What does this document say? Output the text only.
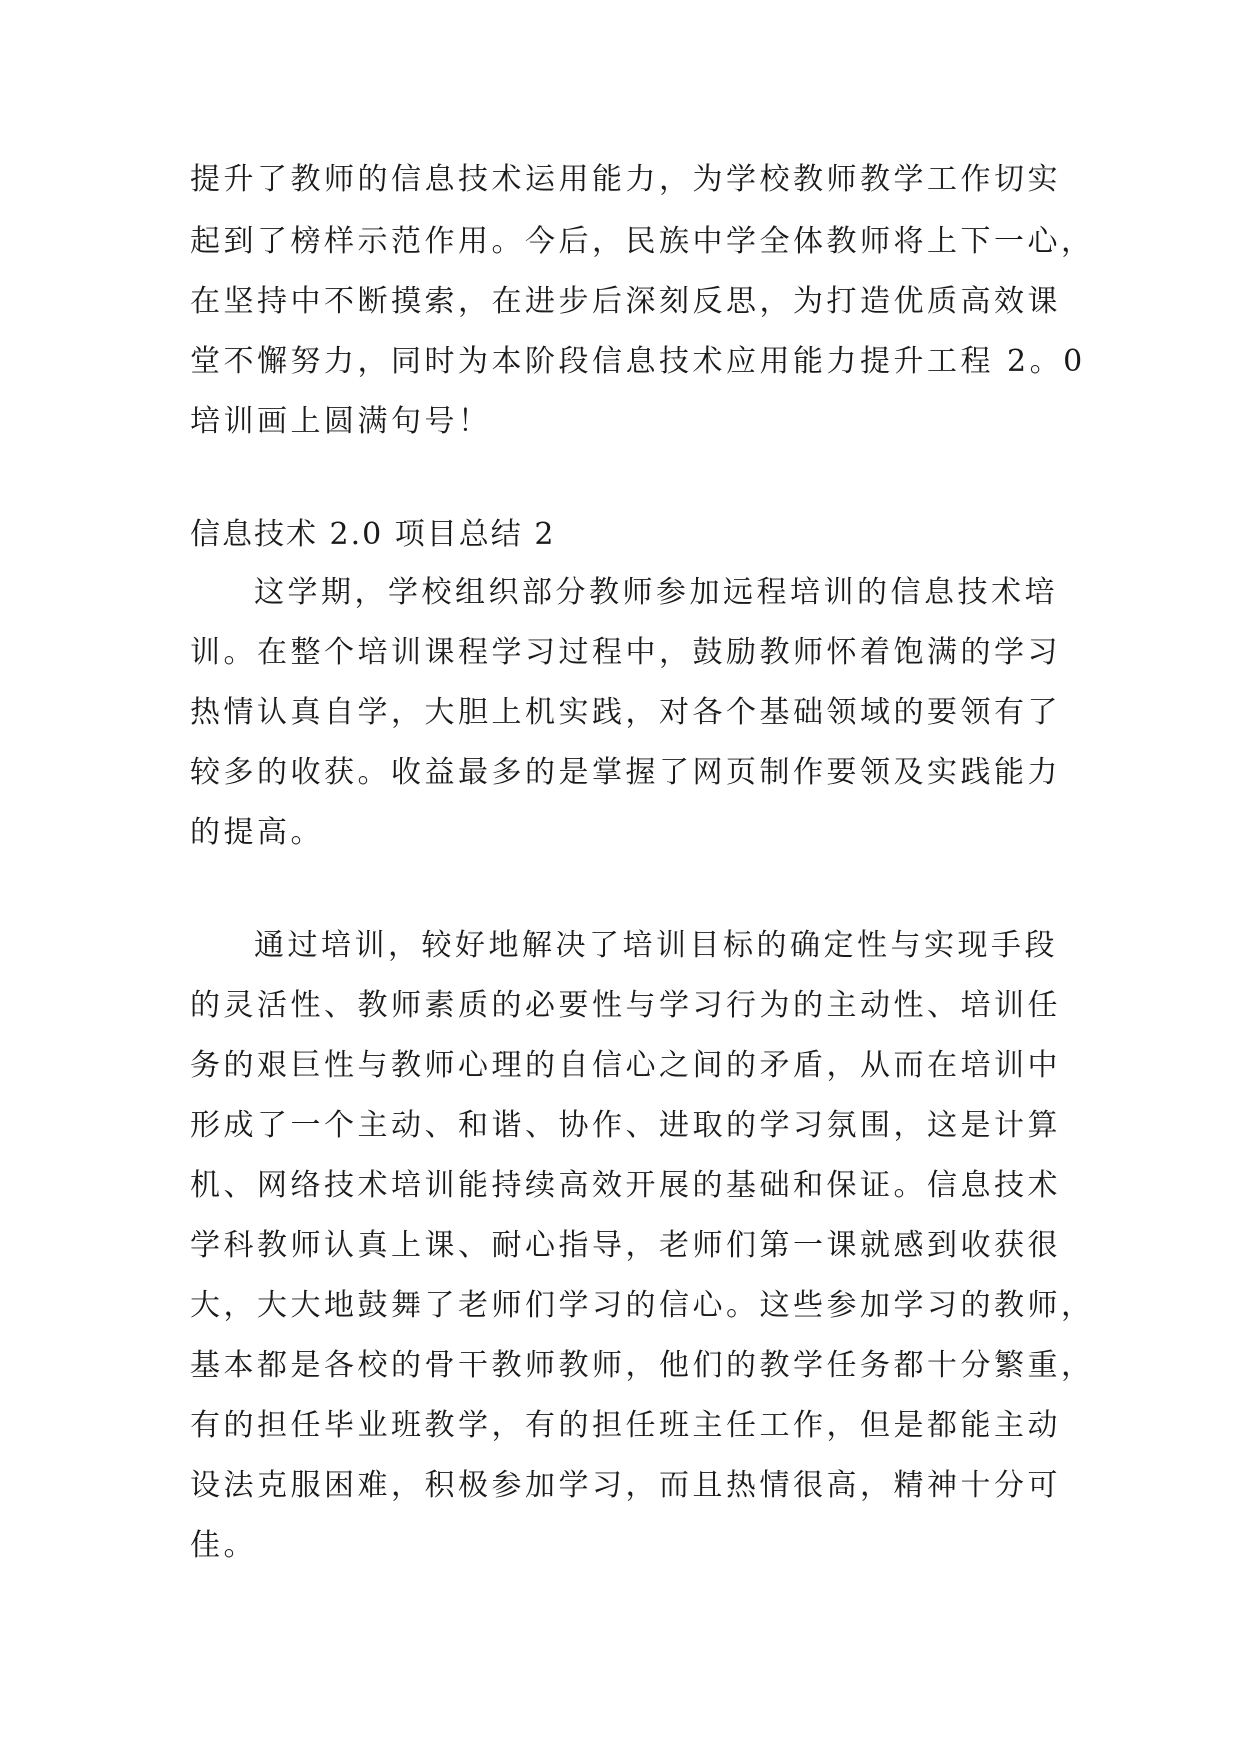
提升了教师的信息技术运用能力，为学校教师教学工作切实
起到了榜样示范作用。今后，民族中学全体教师将上下一心，
在坚持中不断摸索，在进步后深刻反思，为打造优质高效课
堂不懈努力，同时为本阶段信息技术应用能力提升工程 2。0
培训画上圆满句号！
信息技术 2.0 项目总结 2
这学期，学校组织部分教师参加远程培训的信息技术培
训。在整个培训课程学习过程中，鼓励教师怀着饱满的学习
热情认真自学，大胆上机实践，对各个基础领域的要领有了
较多的收获。收益最多的是掌握了网页制作要领及实践能力
的提高。
通过培训，较好地解决了培训目标的确定性与实现手段
的灵活性、教师素质的必要性与学习行为的主动性、培训任
务的艰巨性与教师心理的自信心之间的矛盾，从而在培训中
形成了一个主动、和谐、协作、进取的学习氛围，这是计算
机、网络技术培训能持续高效开展的基础和保证。信息技术
学科教师认真上课、耐心指导，老师们第一课就感到收获很
大，大大地鼓舞了老师们学习的信心。这些参加学习的教师，
基本都是各校的骨干教师教师，他们的教学任务都十分繁重，
有的担任毕业班教学，有的担任班主任工作，但是都能主动
设法克服困难，积极参加学习，而且热情很高，精神十分可
佳。
